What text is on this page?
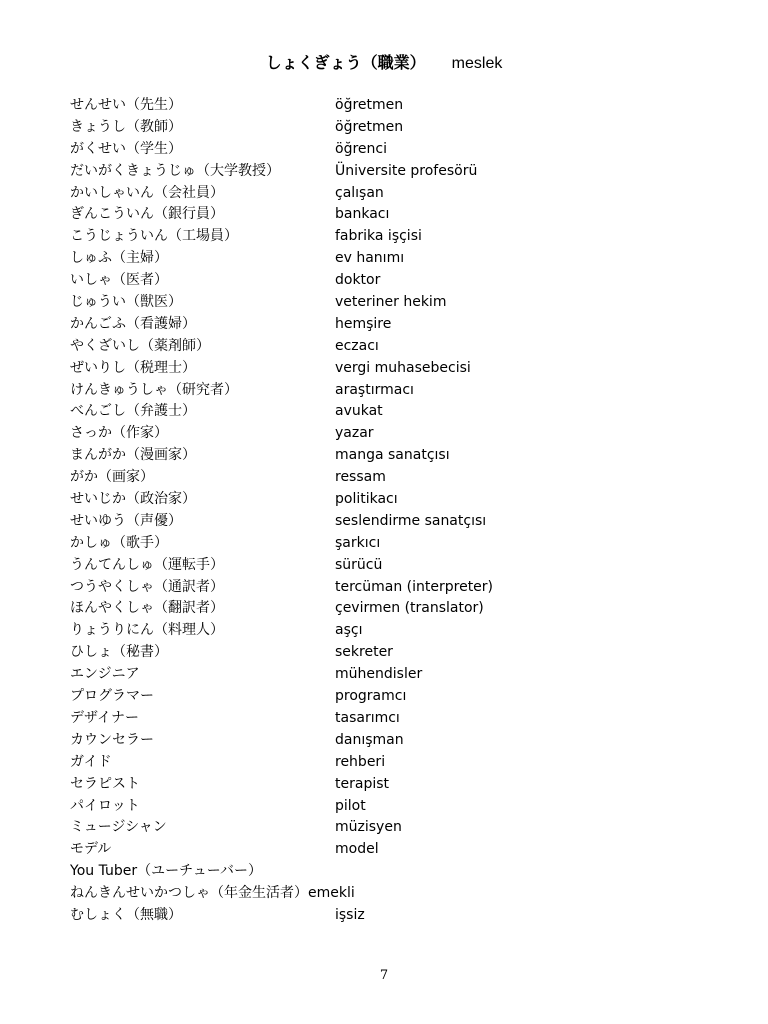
しょくぎょう（職業） meslek
せんせい（先生）	öğretmen
きょうし（教師）	öğretmen
がくせい（学生）	öğrenci
だいがくきょうじゅ（大学教授）	Üniversite profesörü
かいしゃいん（会社員）	çalışan
ぎんこういん（銀行員）	bankacı
こうじょういん（工場員）	fabrika işçisi
しゅふ（主婦）	ev hanımı
いしゃ（医者）	doktor
じゅうい（獣医）	veteriner hekim
かんごふ（看護婦）	hemşire
やくざいし（薬剤師）	eczacı
ぜいりし（税理士）	vergi muhasebecisi
けんきゅうしゃ（研究者）	araştırmacı
べんごし（弁護士）	avukat
さっか（作家）	yazar
まんがか（漫画家）	manga sanatçısı
がか（画家）	ressam
せいじか（政治家）	politikacı
せいゆう（声優）	seslendirme sanatçısı
かしゅ（歌手）	şarkıcı
うんてんしゅ（運転手）	sürücü
つうやくしゃ（通訳者）	tercüman (interpreter)
ほんやくしゃ（翻訳者）	çevirmen (translator)
りょうりにん（料理人）	aşçı
ひしょ（秘書）	sekreter
エンジニア	mühendisler
プログラマー	programcı
デザイナー	tasarımcı
カウンセラー	danışman
ガイド	rehberi
セラピスト	terapist
パイロット	pilot
ミュージシャン	müzisyen
モデル	model
You Tuber（ユーチューバー）
ねんきんせいかつしゃ（年金生活者）emekli
むしょく（無職）	işsiz
7
